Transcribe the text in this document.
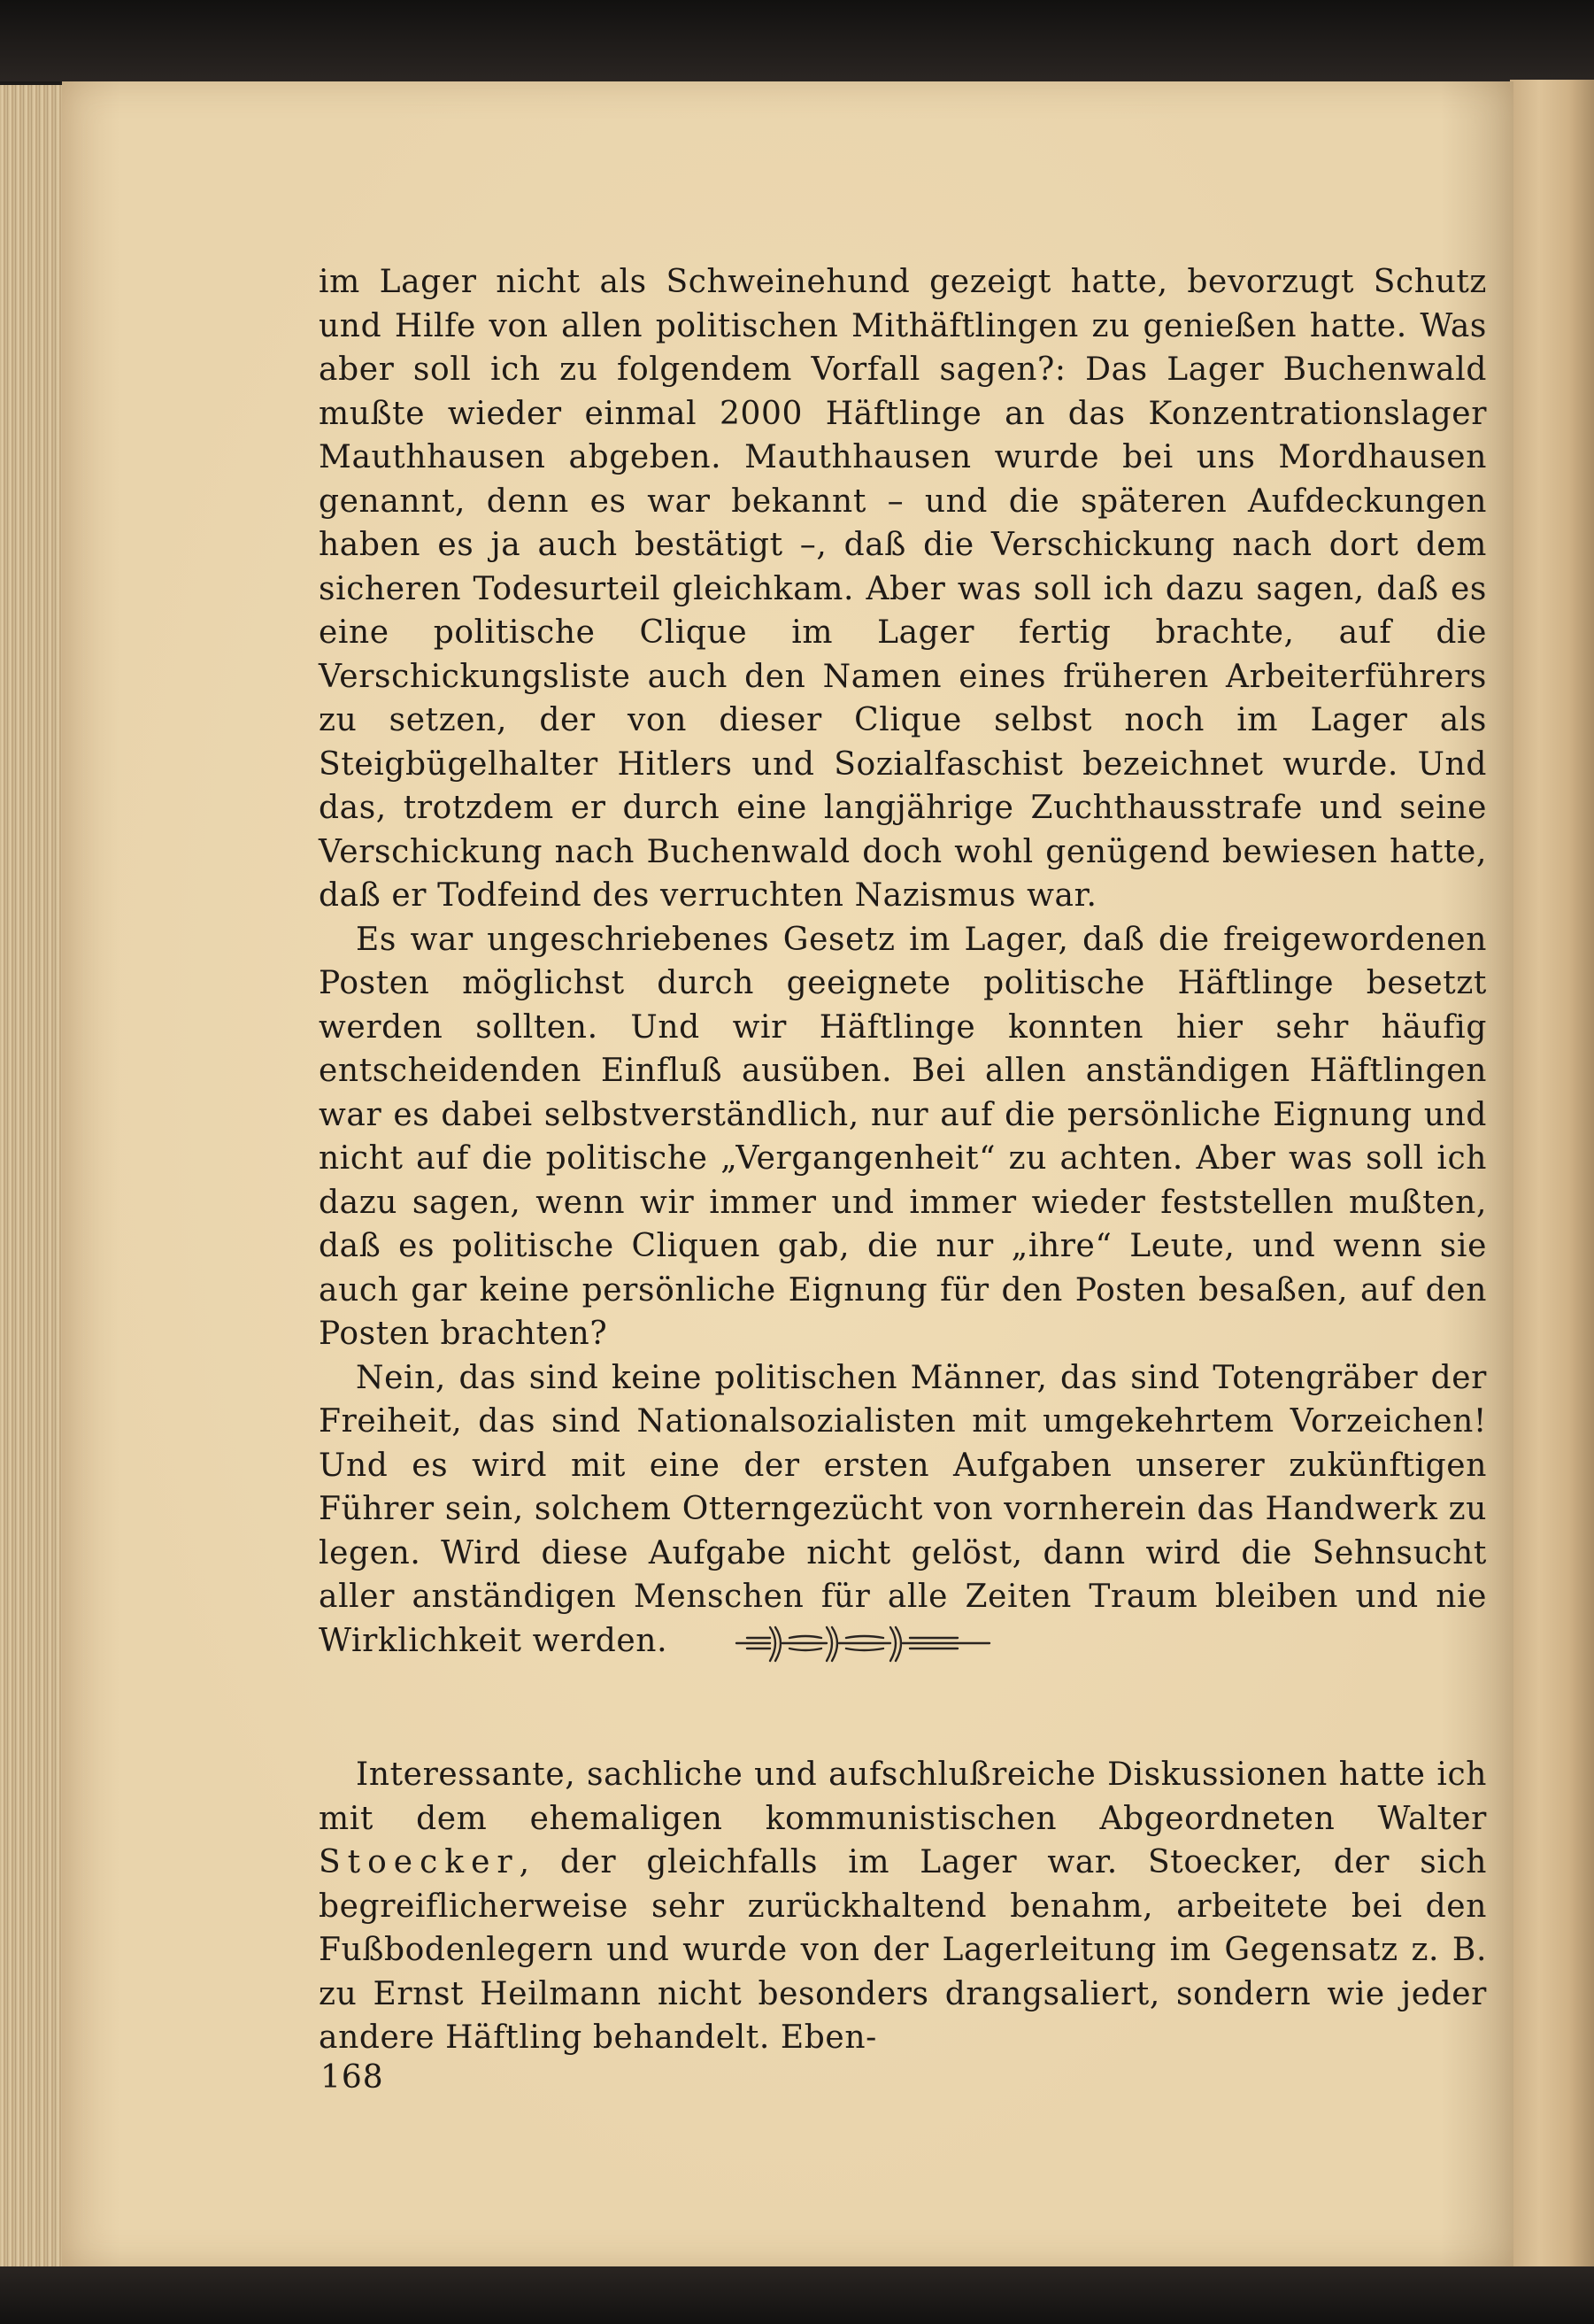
im Lager nicht als Schweinehund gezeigt hatte, bevorzugt Schutz und Hilfe von allen politischen Mithäftlingen zu genießen hatte. Was aber soll ich zu folgendem Vorfall sagen?: Das Lager Buchenwald mußte wieder einmal 2000 Häftlinge an das Konzentrationslager Mauthhausen abgeben. Mauthhausen wurde bei uns Mordhausen genannt, denn es war bekannt – und die späteren Aufdeckungen haben es ja auch bestätigt –, daß die Verschickung nach dort dem sicheren Todesurteil gleichkam. Aber was soll ich dazu sagen, daß es eine politische Clique im Lager fertig brachte, auf die Verschickungsliste auch den Namen eines früheren Arbeiterführers zu setzen, der von dieser Clique selbst noch im Lager als Steigbügelhalter Hitlers und Sozialfaschist bezeichnet wurde. Und das, trotzdem er durch eine langjährige Zuchthausstrafe und seine Verschickung nach Buchenwald doch wohl genügend bewiesen hatte, daß er Todfeind des verruchten Nazismus war.

Es war ungeschriebenes Gesetz im Lager, daß die freigewordenen Posten möglichst durch geeignete politische Häftlinge besetzt werden sollten. Und wir Häftlinge konnten hier sehr häufig entscheidenden Einfluß ausüben. Bei allen anständigen Häftlingen war es dabei selbstverständlich, nur auf die persönliche Eignung und nicht auf die politische „Vergangenheit“ zu achten. Aber was soll ich dazu sagen, wenn wir immer und immer wieder feststellen mußten, daß es politische Cliquen gab, die nur „ihre“ Leute, und wenn sie auch gar keine persönliche Eignung für den Posten besaßen, auf den Posten brachten?

Nein, das sind keine politischen Männer, das sind Totengräber der Freiheit, das sind Nationalsozialisten mit umgekehrtem Vorzeichen! Und es wird mit eine der ersten Aufgaben unserer zukünftigen Führer sein, solchem Otterngezücht von vornherein das Handwerk zu legen. Wird diese Aufgabe nicht gelöst, dann wird die Sehnsucht aller anständigen Menschen für alle Zeiten Traum bleiben und nie Wirklichkeit werden.

Interessante, sachliche und aufschlußreiche Diskussionen hatte ich mit dem ehemaligen kommunistischen Abgeordneten Walter Stoecker, der gleichfalls im Lager war. Stoecker, der sich begreiflicherweise sehr zurückhaltend benahm, arbeitete bei den Fußbodenlegern und wurde von der Lagerleitung im Gegensatz z. B. zu Ernst Heilmann nicht besonders drangsaliert, sondern wie jeder andere Häftling behandelt. Eben-

168
